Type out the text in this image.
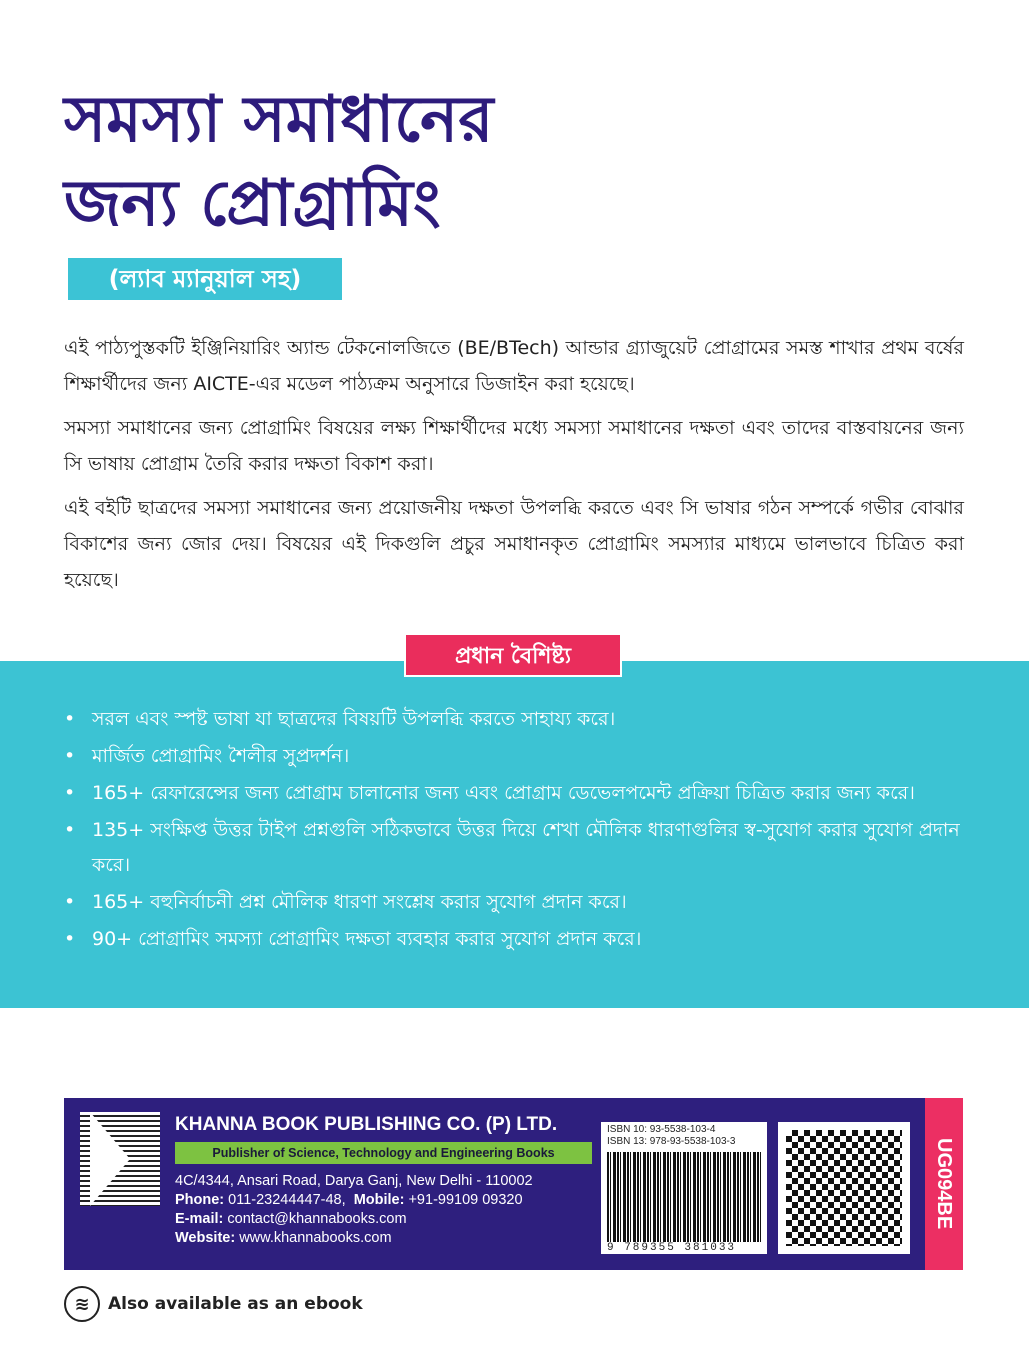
সমস্যা সমাধানের
জন্য প্রোগ্রামিং
(ল্যাব ম্যানুয়াল সহ)

এই পাঠ্যপুস্তকটি ইঞ্জিনিয়ারিং অ্যান্ড টেকনোলজিতে (BE/BTech) আন্ডার গ্র্যাজুয়েট প্রোগ্রামের সমস্ত শাখার প্রথম বর্ষের শিক্ষার্থীদের জন্য AICTE-এর মডেল পাঠ্যক্রম অনুসারে ডিজাইন করা হয়েছে।

সমস্যা সমাধানের জন্য প্রোগ্রামিং বিষয়ের লক্ষ্য শিক্ষার্থীদের মধ্যে সমস্যা সমাধানের দক্ষতা এবং তাদের বাস্তবায়নের জন্য সি ভাষায় প্রোগ্রাম তৈরি করার দক্ষতা বিকাশ করা।

এই বইটি ছাত্রদের সমস্যা সমাধানের জন্য প্রয়োজনীয় দক্ষতা উপলব্ধি করতে এবং সি ভাষার গঠন সম্পর্কে গভীর বোঝার বিকাশের জন্য জোর দেয়। বিষয়ের এই দিকগুলি প্রচুর সমাধানকৃত প্রোগ্রামিং সমস্যার মাধ্যমে ভালভাবে চিত্রিত করা হয়েছে।

প্রধান বৈশিষ্ট্য
• সরল এবং স্পষ্ট ভাষা যা ছাত্রদের বিষয়টি উপলব্ধি করতে সাহায্য করে।
• মার্জিত প্রোগ্রামিং শৈলীর সুপ্রদর্শন।
• 165+ রেফারেন্সের জন্য প্রোগ্রাম চালানোর জন্য এবং প্রোগ্রাম ডেভেলপমেন্ট প্রক্রিয়া চিত্রিত করার জন্য করে।
• 135+ সংক্ষিপ্ত উত্তর টাইপ প্রশ্নগুলি সঠিকভাবে উত্তর দিয়ে শেখা মৌলিক ধারণাগুলির স্ব-সুযোগ করার সুযোগ প্রদান করে।
• 165+ বহুনির্বাচনী প্রশ্ন মৌলিক ধারণা সংশ্লেষ করার সুযোগ প্রদান করে।
• 90+ প্রোগ্রামিং সমস্যা প্রোগ্রামিং দক্ষতা ব্যবহার করার সুযোগ প্রদান করে।
KHANNA BOOK PUBLISHING CO. (P) LTD.
Publisher of Science, Technology and Engineering Books
4C/4344, Ansari Road, Darya Ganj, New Delhi - 110002
Phone: 011-23244447-48, Mobile: +91-99109 09320
E-mail: contact@khannabooks.com
Website: www.khannabooks.com
ISBN 10: 93-5538-103-4
ISBN 13: 978-93-5538-103-3
9 789355 381033
UG094BE
≋	Also available as an ebook
